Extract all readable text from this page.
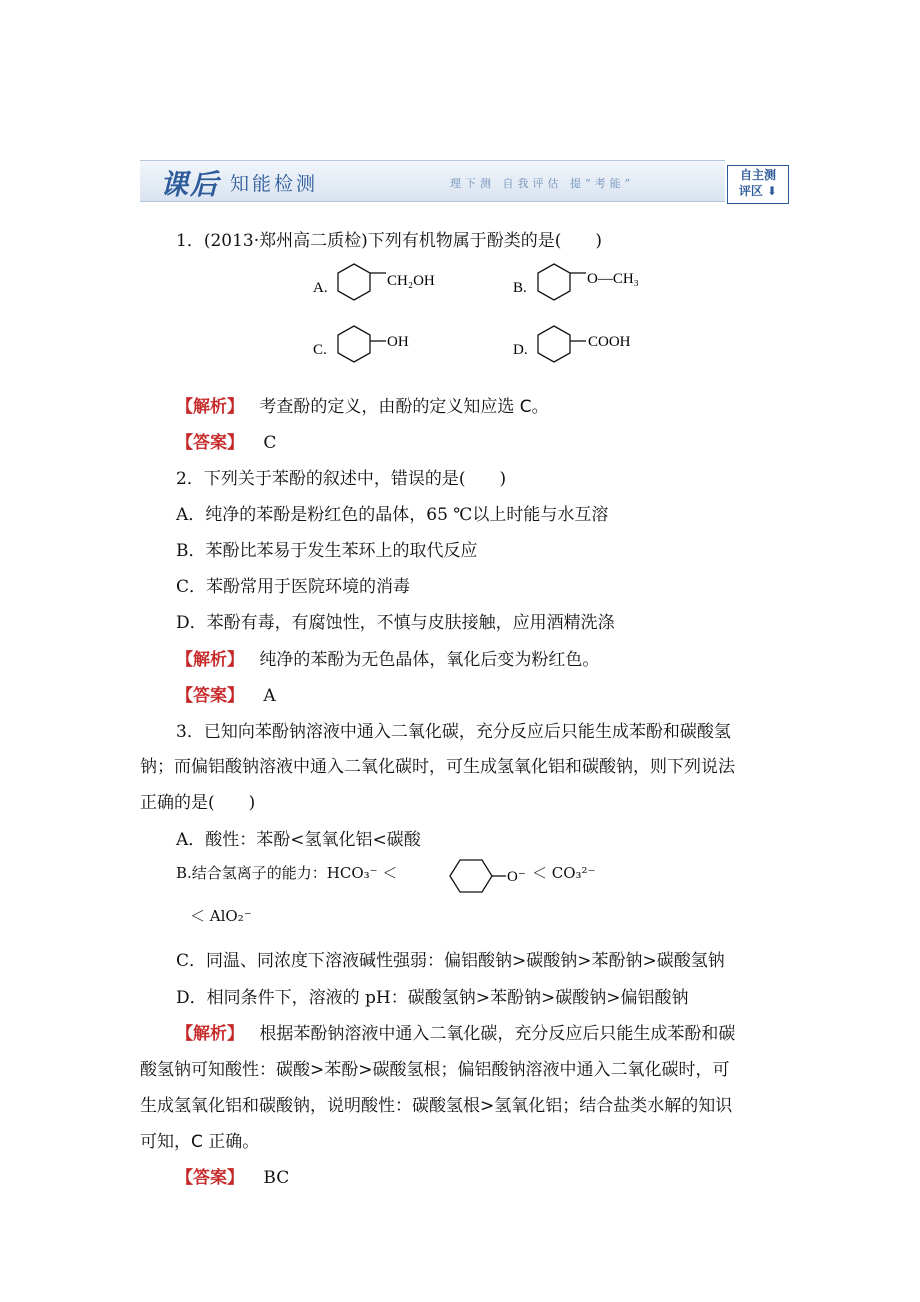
课后 知能检测	理下测 自我评估 提“考能”
自主测
评区 ⬇
1．(2013·郑州高二质检)下列有机物属于酚类的是(　　)
A.	CH₂OH	B.
O—CH₃
C.	OH	D.	COOH
【解析】 考查酚的定义，由酚的定义知应选 C。
【答案】 C
2．下列关于苯酚的叙述中，错误的是(　　)
A．纯净的苯酚是粉红色的晶体，65 ℃以上时能与水互溶
B．苯酚比苯易于发生苯环上的取代反应
C．苯酚常用于医院环境的消毒
D．苯酚有毒，有腐蚀性，不慎与皮肤接触，应用酒精洗涤
【解析】 纯净的苯酚为无色晶体，氧化后变为粉红色。
【答案】 A
3．已知向苯酚钠溶液中通入二氧化碳，充分反应后只能生成苯酚和碳酸氢
钠；而偏铝酸钠溶液中通入二氧化碳时，可生成氢氧化铝和碳酸钠，则下列说法
正确的是(　　)
A．酸性：苯酚<氢氧化铝<碳酸
B.结合氢离子的能力：HCO₃⁻ ＜	O⁻ ＜ CO₃²⁻
＜ AlO₂⁻
C．同温、同浓度下溶液碱性强弱：偏铝酸钠>碳酸钠>苯酚钠>碳酸氢钠
D．相同条件下，溶液的 pH：碳酸氢钠>苯酚钠>碳酸钠>偏铝酸钠
【解析】 根据苯酚钠溶液中通入二氧化碳，充分反应后只能生成苯酚和碳
酸氢钠可知酸性：碳酸>苯酚>碳酸氢根；偏铝酸钠溶液中通入二氧化碳时，可
生成氢氧化铝和碳酸钠，说明酸性：碳酸氢根>氢氧化铝；结合盐类水解的知识
可知，C 正确。
【答案】 BC
